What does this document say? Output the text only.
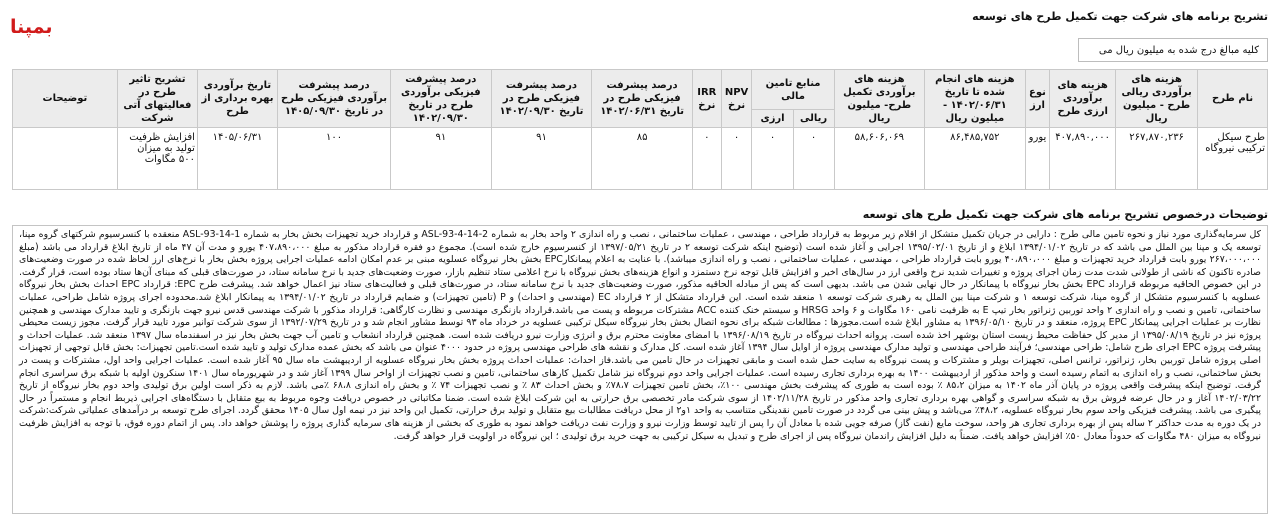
تشریح برنامه های شرکت جهت تکمیل طرح های توسعه
بمپنا
کلیه مبالغ درج شده به میلیون ریال می
نام طرح	هزینه های برآوردی ریالی طرح - میلیون ریال	هزینه های برآوردی ارزی طرح	نوع ارز	هزینه های انجام شده تا تاریخ ۱۴۰۲/۰۶/۳۱ - میلیون ریال	هزینه های برآوردی تکمیل طرح- میلیون ریال	منابع تامین مالی		NPV نرخ	IRR نرخ	درصد پیشرفت فیزیکی طرح در تاریخ ۱۴۰۲/۰۶/۳۱	درصد پیشرفت فیزیکی طرح در تاریخ ۱۴۰۲/۰۹/۳۰	درصد پیشرفت فیزیکی برآوردی طرح در تاریخ ۱۴۰۲/۰۹/۳۰	درصد پیشرفت برآوردی فیزیکی طرح در تاریخ ۱۴۰۵/۰۹/۳۰	تاریخ برآوردی بهره برداری از طرح	تشریح تاثیر طرح در فعالیتهای آتی شرکت	توضیحات
						ریالی	ارزی									
طرح سیکل ترکیبی نیروگاه	۲۶۷,۸۷۰,۲۳۶	۴۰۷,۸۹۰,۰۰۰	یورو	۸۶,۴۸۵,۷۵۲	۵۸,۶۰۶,۰۶۹	۰	۰	۰	۰	۸۵	۹۱	۹۱	۱۰۰	۱۴۰۵/۰۶/۳۱	افزایش ظرفیت تولید به میزان ۵۰۰ مگاوات	
توضیحات درخصوص تشریح برنامه های شرکت جهت تکمیل طرح های توسعه
کل سرمایه‌گذاری مورد نیاز و نحوه تامین مالی طرح : دارایی در جریان تکمیل متشکل از اقلام زیر مربوط به قرارداد طراحی ، مهندسی ، عملیات ساختمانی ، نصب و راه اندازی ۲ واحد بخار به شماره ASL-93-4-14-2 و قرارداد خرید تجهیزات بخش بخار به شماره ASL-93-14-1 منعقده با کنسرسیوم شرکتهای گروه مپنا، توسعه یک و مپنا بین الملل می باشد که در تاریخ ۱۳۹۴/۰۱/۰۲ ابلاغ و از تاریخ ۱۳۹۵/۰۲/۰۱ اجرایی و آغاز شده است (توضیح اینکه شرکت توسعه ۲ در تاریخ ۱۳۹۷/۰۵/۲۱ از کنسرسیوم خارج شده است). مجموع دو فقره قرارداد مذکور به مبلغ ۴۰۷،۸۹۰،۰۰۰ یورو و مدت آن ۴۷ ماه از تاریخ ابلاغ قرارداد می باشد (مبلغ ۲۶۷،۰۰۰،۰۰۰ یورو بابت قرارداد خرید تجهیزات و مبلغ ۴۰،۸۹۰،۰۰۰ یورو بابت قرارداد طراحی ، مهندسی ، عملیات ساختمانی ، نصب و راه اندازی میباشد). با عنایت به اعلام پیمانکارEPC بخش بخار نیروگاه عسلویه مبنی بر عدم امکان ادامه عملیات اجرایی پروژه بخش بخار با نرخ‌های ارز لحاظ شده در صورت وضعیت‌های صادره تاکنون که ناشی از طولانی شدت مدت زمان اجرای پروژه و تغییرات شدید نرخ واقعی ارز در سال‌های اخیر و افزایش قابل توجه نرخ دستمزد و انواع هزینه‌های بخش نیروگاه با نرخ اعلامی ستاد تنظیم بازار، صورت وضعیت‌های جدید با نرخ سامانه ستاد، در صورت‌های قبلی که مبنای آن‌ها ستاد بوده است، قرار گرفت. در این خصوص الحاقیه مربوطه قرارداد EPC بخش بخار نیروگاه با پیمانکار در حال نهایی شدن می باشد. بدیهی است که پس از مبادله الحاقیه مذکور، صورت وضعیت‌های جدید با نرخ سامانه ستاد، در صورت‌های قبلی و فعالیت‌های ستاد نیز اعمال خواهد شد. پیشرفت طرح EPC: قرارداد EPC احداث بخش بخار نیروگاه عسلویه با کنسرسیوم متشکل از گروه مپنا، شرکت توسعه ۱ و شرکت مپنا بین الملل به رهبری شرکت توسعه ۱ منعقد شده است. این قرارداد متشکل از ۲ قرارداد EC (مهندسی و احداث) و P (تامین تجهیزات) و ضمایم قرارداد در تاریخ ۱۳۹۴/۰۱/۰۲ به پیمانکار ابلاغ شد.محدوده اجرای پروژه شامل طراحی، عملیات ساختمانی، تامین و نصب و راه اندازی ۲ واحد توربین ژنراتور بخار تیپ E به ظرفیت نامی ۱۶۰ مگاوات و ۶ واحد HRSG و سیستم خنک کننده ACC مشترکات مربوطه و پست می باشد.قرارداد بازنگری مهندسی و نظارت کارگاهی: قرارداد مذکور با شرکت مهندسی قدس نیرو جهت بازنگری و تایید مدارک مهندسی و همچنین نظارت بر عملیات اجرایی پیمانکار EPC پروژه، منعقد و در تاریخ ۱۳۹۶/۰۵/۱۰ به مشاور ابلاغ شده است.مجوزها : مطالعات شبکه برای نحوه اتصال بخش بخار نیروگاه سیکل ترکیبی عسلویه در خرداد ماه ۹۳ توسط مشاور انجام شد و در تاریخ ۱۳۹۲/۰۷/۲۹ از سوی شرکت توانیر مورد تایید قرار گرفت. مجوز زیست محیطی پروژه نیز در تاریخ ۱۳۹۵/۰۸/۱۹ از مدیر کل حفاظت محیط زیست استان بوشهر اخذ شده است. پروانه احداث نیروگاه در تاریخ ۱۳۹۶/۰۸/۱۹ با امضای معاونت محترم برق و انرژی وزارت نیرو دریافت شده است. همچنین قرارداد انشعاب و تامین آب جهت بخش بخار نیز در اسفندماه سال ۱۳۹۷ منعقد شد. عملیات احداث و پیشرفت پروژه EPC اجرای طرح شامل: طراحی مهندسی؛ فرآیند طراحی مهندسی و تولید مدارک مهندسی پروژه از اوایل سال ۱۳۹۴ آغاز شده است. کل مدارک و نقشه های طراحی مهندسی پروژه در حدود ۴۰۰۰ عنوان می باشد که بخش عمده مدارک تولید و تایید شده است.تامین تجهیزات: بخش قابل توجهی از تجهیزات اصلی پروژه شامل توربین بخار، ژنراتور، ترانس اصلی، تجهیزات بویلر و مشترکات و پست نیروگاه به سایت حمل شده است و مابقی تجهیزات در حال تامین می باشد.فاز احداث: عملیات احداث پروژه بخش بخار نیروگاه عسلویه از اردیبهشت ماه سال ۹۵ آغاز شده است. عملیات اجرایی واحد اول، مشترکات و پست در بخش ساختمانی، نصب و راه اندازی به اتمام رسیده است و واحد مذکور از اردیبهشت ۱۴۰۰ به بهره برداری تجاری رسیده است. عملیات اجرایی واحد دوم نیروگاه نیز شامل تکمیل کارهای ساختمانی، تامین و نصب تجهیزات از اواخر سال ۱۳۹۹ آغاز شد و در شهریورماه سال ۱۴۰۱ سنکرون اولیه با شبکه برق سراسری انجام گرفت. توضیح اینکه پیشرفت واقعی پروژه در پایان آذر ماه ۱۴۰۲ به میزان ۸۵،۲ ٪ بوده است به طوری که پیشرفت بخش مهندسی ۱۰۰٪، بخش تامین تجهیزات ۷۸،۷٪ و بخش احداث ۸۳ ٪ و نصب تجهیزات ۷۴ ٪ و بخش راه اندازی ۶۸،۸ ٪می باشد. لازم به ذکر است اولین برق تولیدی واحد دوم بخار نیروگاه از تاریخ ۱۴۰۲/۰۳/۲۲ آغاز و در حال عرضه فروش برق به شبکه سراسری و گواهی بهره برداری تجاری واحد مذکور در تاریخ ۱۴۰۲/۱۱/۲۸ از سوی شرکت مادر تخصصی برق حرارتی به این شرکت ابلاغ شده است. ضمنا مکاتباتی در خصوص دریافت وجوه مربوط به بیع متقابل با دستگاه‌های اجرایی ذیربط انجام و مستمراً در حال پیگیری می باشد. پیشرفت فیزیکی واحد سوم بخار نیروگاه عسلویه، ۴۸،۲٪ می‌باشد و پیش بینی می گردد در صورت تامین نقدینگی متناسب به واحد ۱و۲ از محل دریافت مطالبات بیع متقابل و تولید برق حرارتی، تکمیل این واحد نیز در نیمه اول سال ۱۴۰۵ محقق گردد. اجرای طرح توسعه بر درآمدهای عملیاتی شرکت:شرکت در یک دوره به مدت حداکثر ۲ ساله پس از بهره برداری تجاری هر واحد، سوخت مایع (نفت گاز) صرفه جویی شده با معادل آن را پس از تایید توسط وزارت نیرو و وزارت نفت دریافت خواهد نمود به طوری که بخشی از هزینه های سرمایه گذاری پروژه را پوشش خواهد داد. پس از اتمام دوره فوق، با توجه به افزایش ظرفیت نیروگاه به میزان ۴۸۰ مگاوات که حدوداً معادل ۵۰٪ افزایش خواهد یافت. ضمناً به دلیل افزایش راندمان نیروگاه پس از اجرای طرح و تبدیل به سیکل ترکیبی به جهت خرید برق تولیدی ؛ این نیروگاه در اولویت قرار خواهد گرفت.
